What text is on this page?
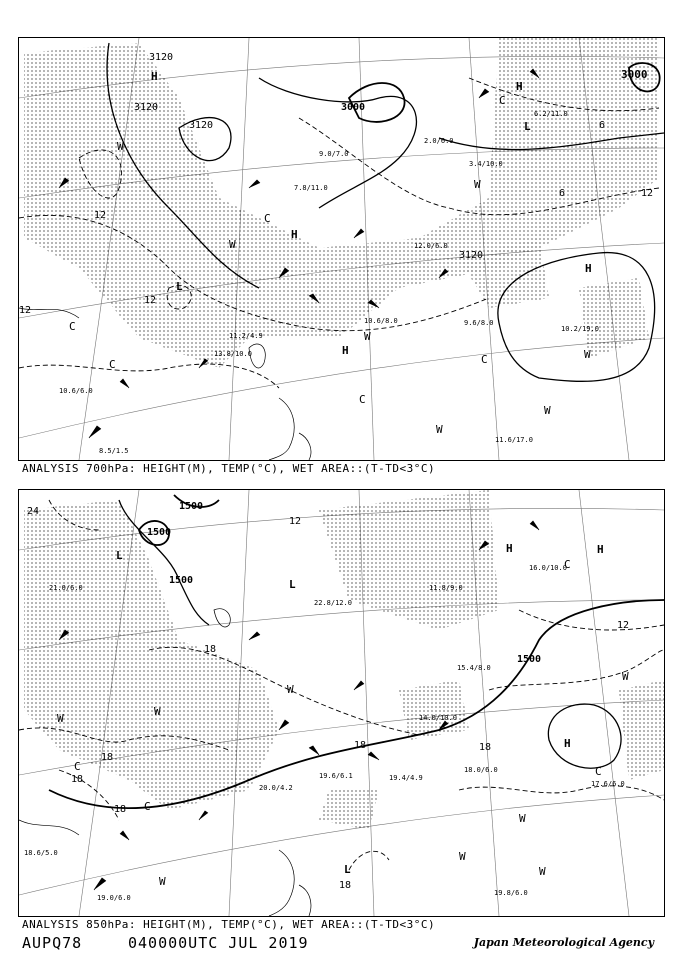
3120
3120
3120
3000
3000
3120
12
12
12
12
6
6
H
H
H
H
H
L
L
C
C
C	C
C
C
W
W
W
W
W
W
W
9.6/8.0
10.2/19.0
11.6/17.0
10.6/8.0
12.0/6.0
8.5/1.5
10.6/6.0
13.8/10.0
11.2/4.9
7.8/11.0
9.0/7.0
3.4/10.0
6.2/11.0
2.0/6.0
ANALYSIS 700hPa: HEIGHT(M), TEMP(°C), WET AREA::(T-TD<3°C)
1500
1500
1500
1500
24
18
18
18
18
18	18
18
12
12
H
H
H
L
L
L
C
C
C
C
W
W
W
W
W
W
W
W
19.4/4.9
19.8/6.0
17.6/6.0
18.0/6.0
20.0/4.2
19.6/6.1
19.0/6.0
22.8/12.0
15.4/8.0
14.0/10.0
18.6/5.0
16.0/10.0
11.8/9.0
21.0/6.0
ANALYSIS 850hPa: HEIGHT(M), TEMP(°C), WET AREA::(T-TD<3°C)
AUPQ78	040000UTC JUL 2019	Japan Meteorological Agency
